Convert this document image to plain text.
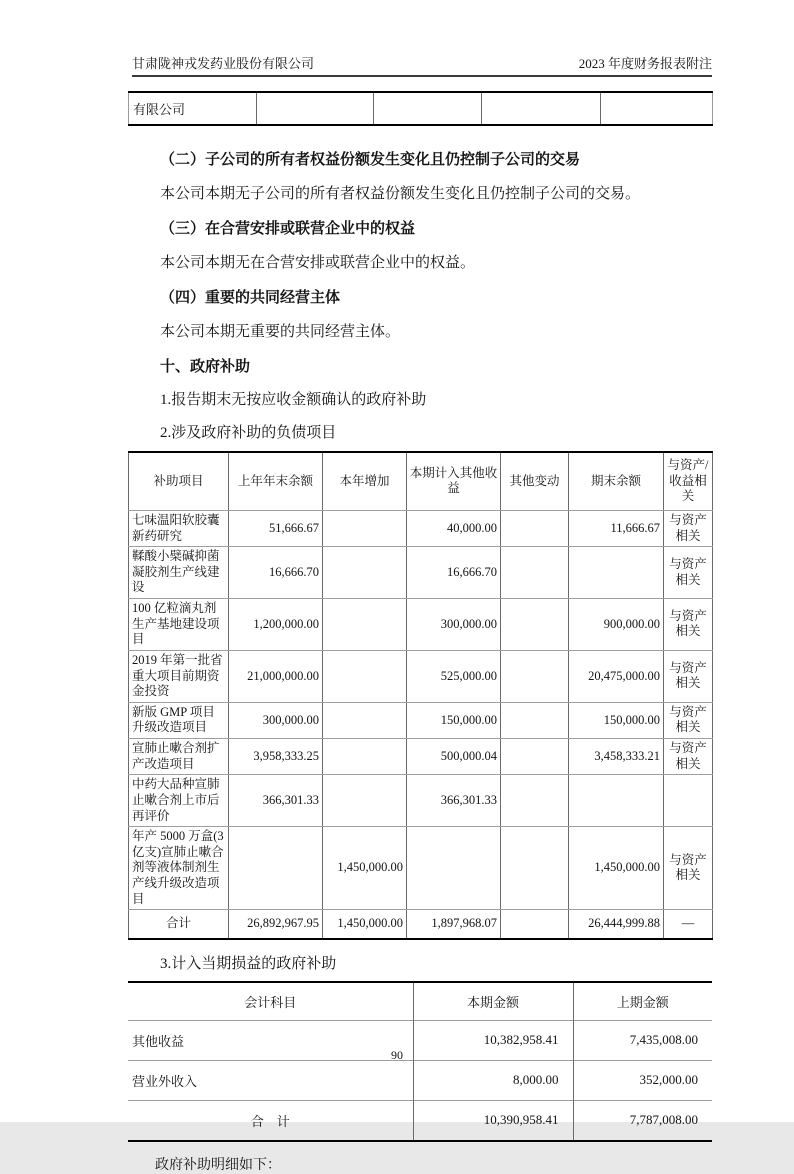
甘肃陇神戎发药业股份有限公司	2023 年度财务报表附注
有限公司				
（二）子公司的所有者权益份额发生变化且仍控制子公司的交易
本公司本期无子公司的所有者权益份额发生变化且仍控制子公司的交易。
（三）在合营安排或联营企业中的权益
本公司本期无在合营安排或联营企业中的权益。
（四）重要的共同经营主体
本公司本期无重要的共同经营主体。
十、政府补助
1.报告期末无按应收金额确认的政府补助
2.涉及政府补助的负债项目
补助项目	上年年末余额	本年增加	本期计入其他收益	其他变动	期末余额	与资产/收益相关
七味温阳软胶囊新药研究	51,666.67		40,000.00		11,666.67	与资产相关
鞣酸小檗碱抑菌凝胶剂生产线建设	16,666.70		16,666.70			与资产相关
100 亿粒滴丸剂生产基地建设项目	1,200,000.00		300,000.00		900,000.00	与资产相关
2019 年第一批省重大项目前期资金投资	21,000,000.00		525,000.00		20,475,000.00	与资产相关
新版 GMP 项目升级改造项目	300,000.00		150,000.00		150,000.00	与资产相关
宣肺止嗽合剂扩产改造项目	3,958,333.25		500,000.04		3,458,333.21	与资产相关
中药大品种宣肺止嗽合剂上市后再评价	366,301.33		366,301.33			
年产 5000 万盒(3亿支)宣肺止嗽合剂等液体制剂生产线升级改造项目		1,450,000.00			1,450,000.00	与资产相关
合计	26,892,967.95	1,450,000.00	1,897,968.07		26,444,999.88	—
3.计入当期损益的政府补助
会计科目	本期金额	上期金额
其他收益	10,382,958.41	7,435,008.00
营业外收入	8,000.00	352,000.00
合　计	10,390,958.41	7,787,008.00
政府补助明细如下：
90
